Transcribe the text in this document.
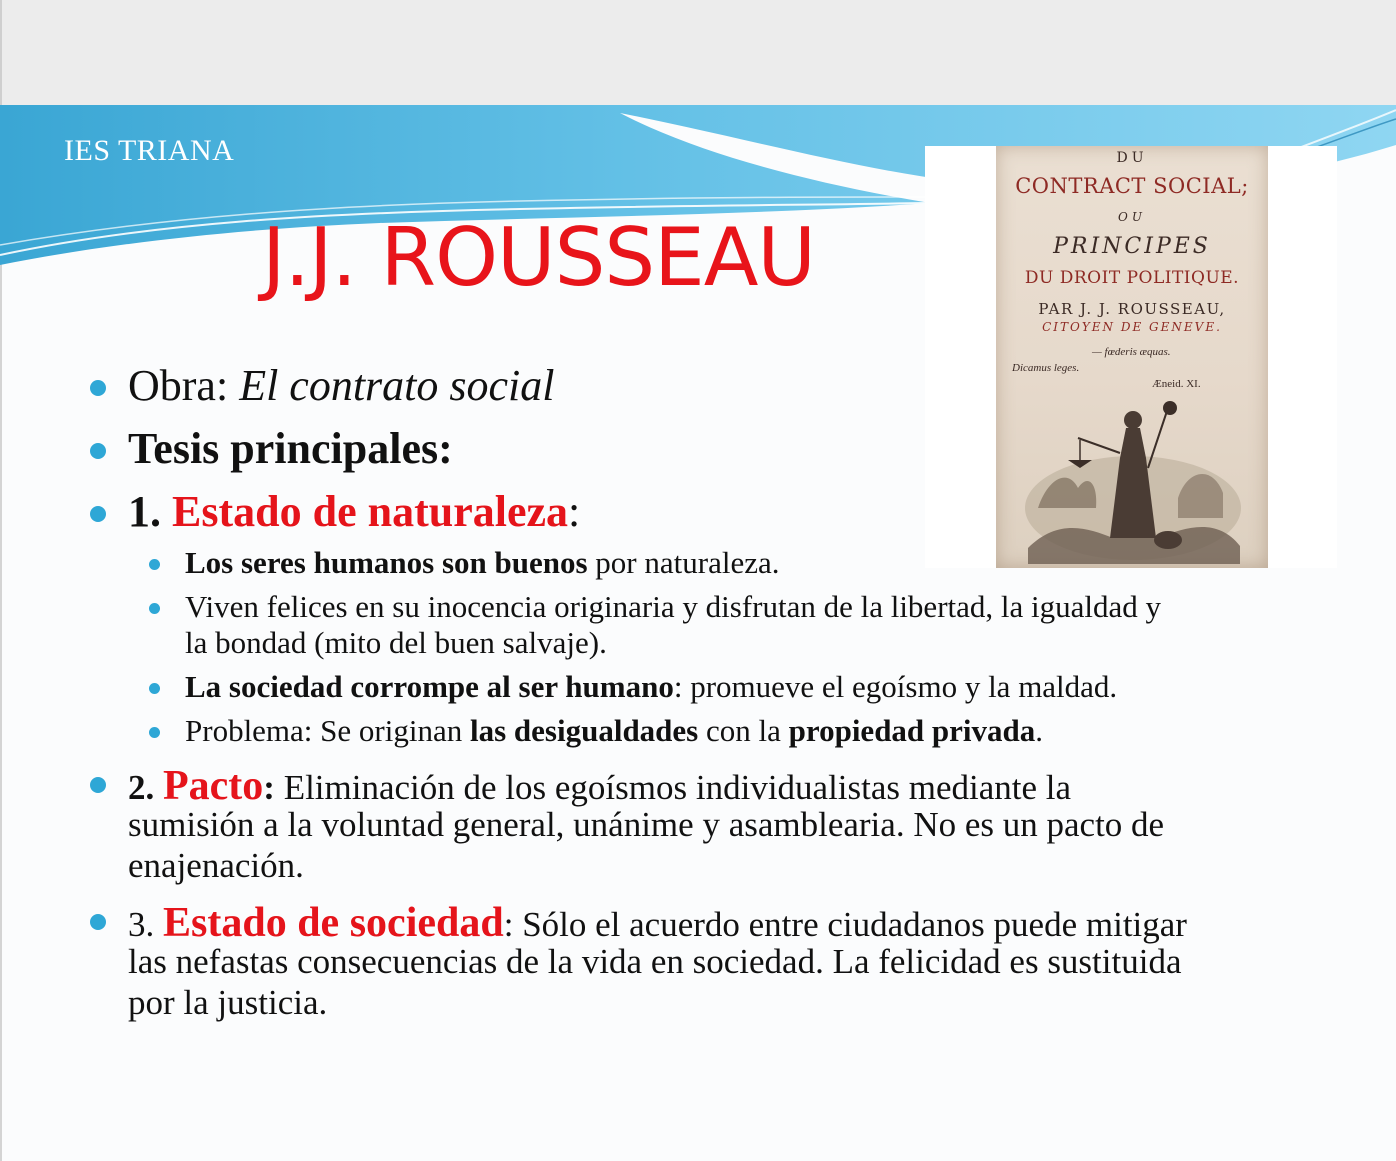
IES TRIANA
J.J. ROUSSEAU
DU
CONTRACT SOCIAL;
OU
PRINCIPES
DU DROIT POLITIQUE.
PAR J. J. ROUSSEAU,
CITOYEN DE GENEVE.
— fœderis æquas.
Dicamus leges.
Æneid. XI.
Obra: El contrato social
Tesis principales:
1. Estado de naturaleza:
Los seres humanos son buenos por naturaleza.
Viven felices en su inocencia originaria y disfrutan de la libertad, la igualdad y
la bondad (mito del buen salvaje).
La sociedad corrompe al ser humano: promueve el egoísmo y la maldad.
Problema: Se originan las desigualdades con la propiedad privada.
2. Pacto: Eliminación de los egoísmos individualistas mediante la
sumisión a la voluntad general, unánime y asamblearia. No es un pacto de
enajenación.
3. Estado de sociedad: Sólo el acuerdo entre ciudadanos puede mitigar
las nefastas consecuencias de la vida en sociedad. La felicidad es sustituida
por la justicia.
